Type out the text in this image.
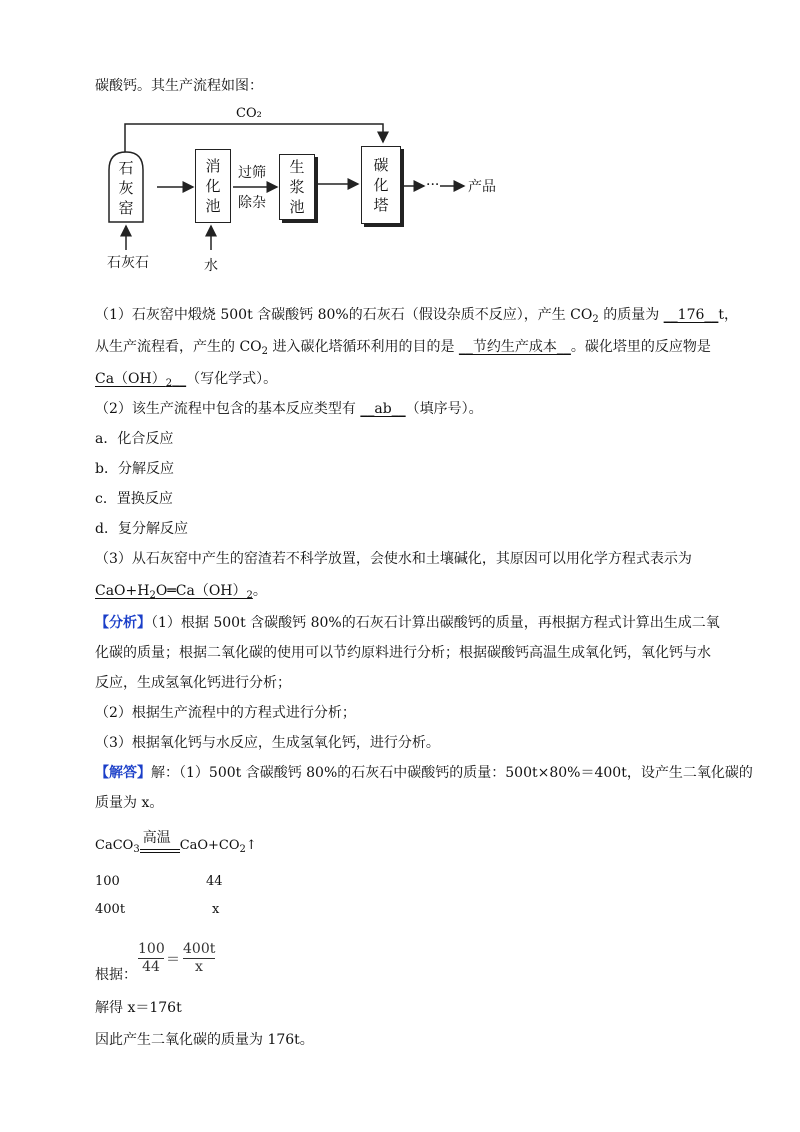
碳酸钙。其生产流程如图：
CO₂
石灰窑
消化池
过筛
除杂
生浆池
碳化塔
··· 产品
石灰石	水
（1）石灰窑中煅烧 500t 含碳酸钙 80%的石灰石（假设杂质不反应），产生 $CO_2$ 的质量为 __176__t，
从生产流程看，产生的 $CO_2$ 进入碳化塔循环利用的目的是 __节约生产成本__。碳化塔里的反应物是
$Ca(OH)_2\_\_$（写化学式）。
（2）该生产流程中包含的基本反应类型有 __ab__（填序号）。
a．化合反应
b．分解反应
c．置换反应
d．复分解反应
（3）从石灰窑中产生的窑渣若不科学放置，会使水和土壤碱化，其原因可以用化学方程式表示为
$CaO+H_2O═Ca(OH)_2$。
【分析】（1）根据 500t 含碳酸钙 80%的石灰石计算出碳酸钙的质量，再根据方程式计算出生成二氧
化碳的质量；根据二氧化碳的使用可以节约原料进行分析；根据碳酸钙高温生成氧化钙，氧化钙与水
反应，生成氢氧化钙进行分析；
（2）根据生产流程中的方程式进行分析；
（3）根据氧化钙与水反应，生成氢氧化钙，进行分析。
【解答】解：（1）500t 含碳酸钙 80%的石灰石中碳酸钙的质量：500t×80%＝400t，设产生二氧化碳的
质量为 x。
CaCO$_3$
高温 $CaO+CO_2↑$
100	44
400t	x
根据：
100
44 ＝
400t
x
解得 x＝176t
因此产生二氧化碳的质量为 176t。
